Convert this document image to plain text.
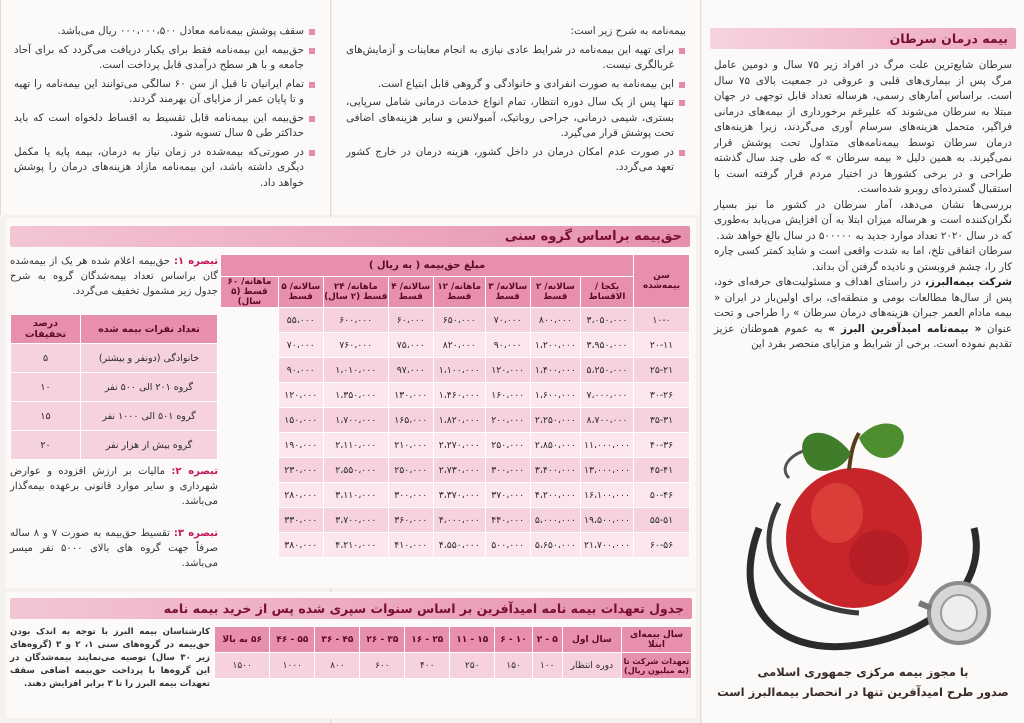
بیمه درمان سرطان

سرطان شایع‌ترین علت مرگ در افراد زیر ۷۵ سال و دومین عامل مرگ پس از بیماری‌های قلبی و عروقی در جمعیت بالای ۷۵ سال است. براساس آمارهای رسمی، هرساله تعداد قابل توجهی در جهان مبتلا به سرطان می‌شوند که علیرغم برخورداری از بیمه‌های درمانی فراگیر، متحمل هزینه‌های سرسام آوری می‌گردند، زیرا هزینه‌های درمان سرطان توسط بیمه‌نامه‌های متداول تحت پوشش قرار نمی‌گیرند. به همین دلیل « بیمه سرطان » که طی چند سال گذشته طراحی و در برخی کشورها در اختیار مردم قرار گرفته است با استقبال گسترده‌ای روبرو شده‌است.

بررسی‌ها نشان می‌دهد، آمار سرطان در کشور ما نیز بسیار نگران‌کننده است و هرساله میزان ابتلا به آن افزایش می‌یابد به‌طوری که در سال ۲۰۲۰ تعداد موارد جدید به ۵۰۰۰۰۰ در سال بالغ خواهد شد.

سرطان اتفاقی تلخ، اما به شدت واقعی است و شاید کمتر کسی چاره کار را، چشم فروبستن و نادیده گرفتن آن بداند.

شرکت بیمه‌البرز، در راستای اهداف و مسئولیت‌های حرفه‌ای خود، پس از سال‌ها مطالعات بومی و منطقه‌ای، برای اولین‌بار در ایران « بیمه مادام العمر جبران هزینه‌های درمان سرطان » را طراحی و تحت عنوان « بیمه‌نامه امیدآفرین البرز » به عموم هموطنان عزیز تقدیم نموده است. برخی از شرایط و مزایای منحصر بفرد این

با مجوز بیمه مرکزی جمهوری اسلامی
صدور طرح امیدآفرین تنها در انحصار بیمه‌البرز است
بیمه‌نامه به شرح زیر است:
برای تهیه این بیمه‌نامه در شرایط عادی نیازی به انجام معاینات و آزمایش‌های غربالگری نیست.
این بیمه‌نامه به صورت انفرادی و خانوادگی و گروهی قابل ابتیاع است.
تنها پس از یک سال دوره انتظار، تمام انواع خدمات درمانی شامل سرپایی، بستری، شیمی درمانی، جراحی روباتیک، آمبولانس و سایر هزینه‌های اضافی تحت پوشش قرار می‌گیرد.
در صورت عدم امکان درمان در داخل کشور، هزینه درمان در خارج کشور تعهد می‌گردد.
سقف پوشش بیمه‌نامه معادل ۰۰۰،۰۰۰،۵۰۰ ریال می‌باشد.
حق‌بیمه این بیمه‌نامه فقط برای یکبار دریافت می‌گردد که برای آحاد جامعه و با هر سطح درآمدی قابل پرداخت است.
تمام ایرانیان تا قبل از سن ۶۰ سالگی می‌توانند این بیمه‌نامه را تهیه و تا پایان عمر از مزایای آن بهرمند گردند.
حق‌بیمه این بیمه‌نامه قابل تقسیط به اقساط دلخواه است که باید حداکثر طی ۵ سال تسویه شود.
در صورتی‌که بیمه‌شده در زمان نیاز به درمان، بیمه پایه یا مکمل دیگری داشته باشد، این بیمه‌نامه مازاد هزینه‌های درمان را پوشش خواهد داد.
حق‌بیمه براساس گروه سنی
سن بیمه‌شده	مبلغ حق‌بیمه ( به ریال )							
	یکجا / الاقساط	سالانه/ ۲ قسط	سالانه/ ۳ قسط	ماهانه/ ۱۲ قسط	سالانه/ ۴ قسط	ماهانه/ ۲۴ قسط (۲ سال)	سالانه/ ۵ قسط	ماهانه/ ۶۰ قسط (۵ سال)
۱۰-۰	۳،۰۵۰،۰۰۰	۸۰۰،۰۰۰	۷۰،۰۰۰	۶۵۰،۰۰۰	۶۰،۰۰۰	۶۰۰،۰۰۰	۵۵،۰۰۰	
۲۰-۱۱	۳،۹۵۰،۰۰۰	۱،۲۰۰،۰۰۰	۹۰،۰۰۰	۸۲۰،۰۰۰	۷۵،۰۰۰	۷۶۰،۰۰۰	۷۰،۰۰۰	
۲۵-۲۱	۵،۲۵۰،۰۰۰	۱،۴۰۰،۰۰۰	۱۲۰،۰۰۰	۱،۱۰۰،۰۰۰	۹۷،۰۰۰	۱،۰۱۰،۰۰۰	۹۰،۰۰۰	
۳۰-۲۶	۷،۰۰۰،۰۰۰	۱،۶۰۰،۰۰۰	۱۶۰،۰۰۰	۱،۴۶۰،۰۰۰	۱۳۰،۰۰۰	۱،۳۵۰،۰۰۰	۱۲۰،۰۰۰	
۳۵-۳۱	۸،۷۰۰،۰۰۰	۲،۲۵۰،۰۰۰	۲۰۰،۰۰۰	۱،۸۲۰،۰۰۰	۱۶۵،۰۰۰	۱،۷۰۰،۰۰۰	۱۵۰،۰۰۰	
۴۰-۳۶	۱۱،۰۰۰،۰۰۰	۲،۸۵۰،۰۰۰	۲۵۰،۰۰۰	۲،۲۷۰،۰۰۰	۲۱۰،۰۰۰	۲،۱۱۰،۰۰۰	۱۹۰،۰۰۰	
۴۵-۴۱	۱۳،۰۰۰،۰۰۰	۳،۴۰۰،۰۰۰	۳۰۰،۰۰۰	۲،۷۳۰،۰۰۰	۲۵۰،۰۰۰	۲،۵۵۰،۰۰۰	۲۳۰،۰۰۰	
۵۰-۴۶	۱۶،۱۰۰،۰۰۰	۴،۲۰۰،۰۰۰	۳۷۰،۰۰۰	۳،۳۷۰،۰۰۰	۳۰۰،۰۰۰	۳،۱۱۰،۰۰۰	۲۸۰،۰۰۰	
۵۵-۵۱	۱۹،۵۰۰،۰۰۰	۵،۰۰۰،۰۰۰	۴۴۰،۰۰۰	۴،۰۰۰،۰۰۰	۳۶۰،۰۰۰	۳،۷۰۰،۰۰۰	۳۳۰،۰۰۰	
۶۰-۵۶	۲۱،۷۰۰،۰۰۰	۵،۶۵۰،۰۰۰	۵۰۰،۰۰۰	۴،۵۵۰،۰۰۰	۴۱۰،۰۰۰	۴،۲۱۰،۰۰۰	۳۸۰،۰۰۰	
تبصره ۱: حق‌بیمه اعلام شده هر یک از بیمه‌شده گان براساس تعداد بیمه‌شدگان گروه به شرح جدول زیر مشمول تخفیف می‌گردد.
تعداد نفرات بیمه شده	درصد تخفیفات
خانوادگی (دونفر و بیشتر)	۵
گروه ۲۰۱ الی ۵۰۰ نفر	۱۰
گروه ۵۰۱ الی ۱۰۰۰ نفر	۱۵
گروه بیش از هزار نفر	۲۰
تبصره ۲: مالیات بر ارزش افزوده و عوارض شهرداری و سایر موارد قانونی برعهده بیمه‌گذار می‌باشد.
تبصره ۳: تقسیط حق‌بیمه به صورت ۷ و ۸ ساله صرفاً جهت گروه های بالای ۵۰۰۰ نفر میسر می‌باشد.
جدول تعهدات بیمه نامه امیدآفرین بر اساس سنوات سپری شده پس از خرید بیمه نامه
سال بیمه‌ای ابتلا	سال اول	۵ - ۲	۱۰ - ۶	۱۵ - ۱۱	۲۵ - ۱۶	۳۵ - ۲۶	۴۵ - ۳۶	۵۵ - ۴۶	۵۶ به بالا
تعهدات شرکت تا (به میلیون ریال)	دوره انتظار	۱۰۰	۱۵۰	۲۵۰	۴۰۰	۶۰۰	۸۰۰	۱۰۰۰	۱۵۰۰
کارشناسان بیمه البرز با توجه به اندک بودن حق‌بیمه در گروه‌های سنی ۱، ۲ و ۳ (گروه‌های زیر ۳۰ سال) توصیه می‌نمایند بیمه‌شدگان در این گروه‌ها با پرداخت حق‌بیمه اضافی سقف تعهدات بیمه البرز را تا ۳ برابر افزایش دهند.
